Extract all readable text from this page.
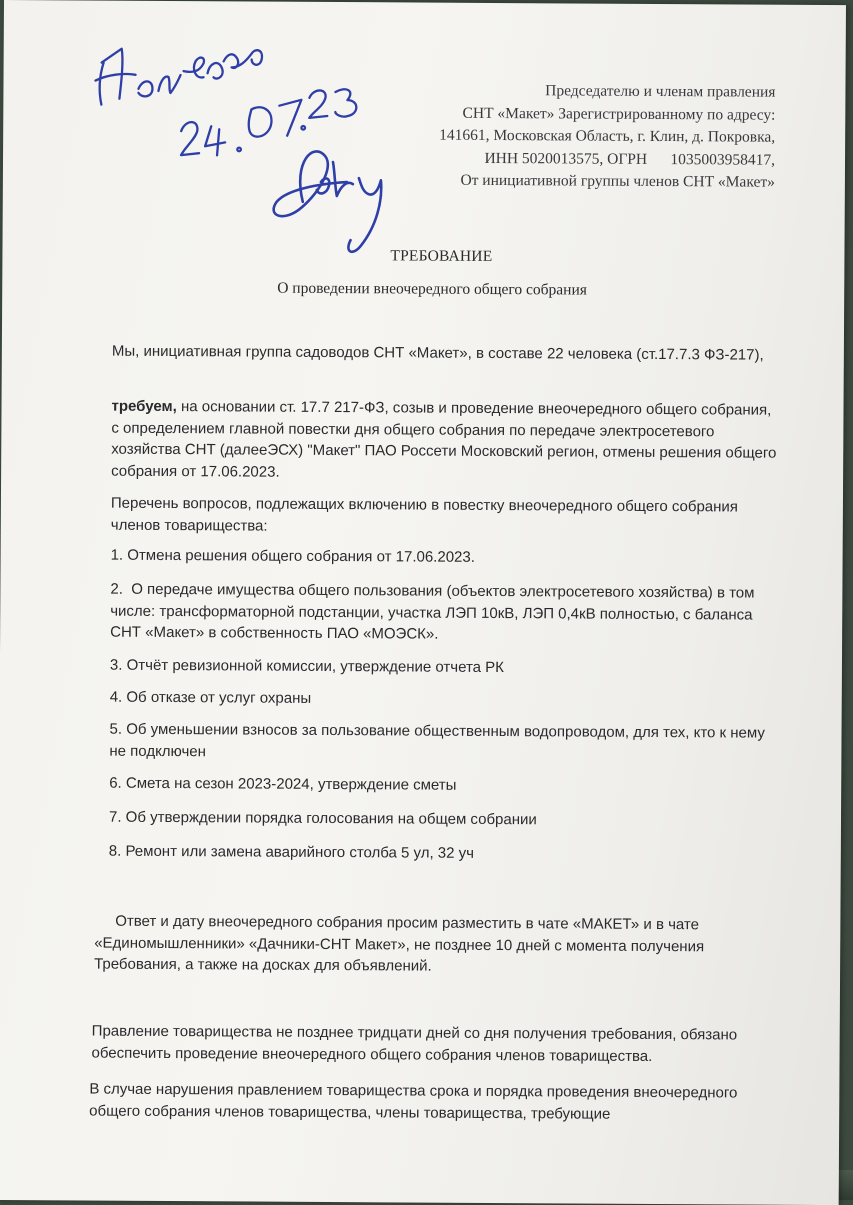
Председателю и членам правления
СНТ «Макет» Зарегистрированному по адресу:
141661, Московская Область, г. Клин, д. Покровка,
ИНН 5020013575, ОГРН      1035003958417,
От инициативной группы членов СНТ «Макет»
ТРЕБОВАНИЕ
О проведении внеочередного общего собрания

Мы, инициативная группа садоводов СНТ «Макет», в составе 22 человека (ст.17.7.3 ФЗ-217),

требуем, на основании ст. 17.7 217-ФЗ, созыв и проведение внеочередного общего собрания, с определением главной повестки дня общего собрания по передаче электросетевого хозяйства СНТ (далееЭСХ) "Макет" ПАО Россети Московский регион, отмены решения общего собрания от 17.06.2023.

Перечень вопросов, подлежащих включению в повестку внеочередного общего собрания членов товарищества:

1. Отмена решения общего собрания от 17.06.2023.

2.  О передаче имущества общего пользования (объектов электросетевого хозяйства) в том числе: трансформаторной подстанции, участка ЛЭП 10кВ, ЛЭП 0,4кВ полностью, с баланса СНТ «Макет» в собственность ПАО «МОЭСК».

3. Отчёт ревизионной комиссии, утверждение отчета РК

4. Об отказе от услуг охраны

5. Об уменьшении взносов за пользование общественным водопроводом, для тех, кто к нему не подключен

6. Смета на сезон 2023-2024, утверждение сметы

7. Об утверждении порядка голосования на общем собрании

8. Ремонт или замена аварийного столба 5 ул, 32 уч

Ответ и дату внеочередного собрания просим разместить в чате «МАКЕТ» и в чате «Единомышленники» «Дачники-СНТ Макет», не позднее 10 дней с момента получения Требования, а также на досках для объявлений.

Правление товарищества не позднее тридцати дней со дня получения требования, обязано обеспечить проведение внеочередного общего собрания членов товарищества.

В случае нарушения правлением товарищества срока и порядка проведения внеочередного общего собрания членов товарищества, члены товарищества, требующие
